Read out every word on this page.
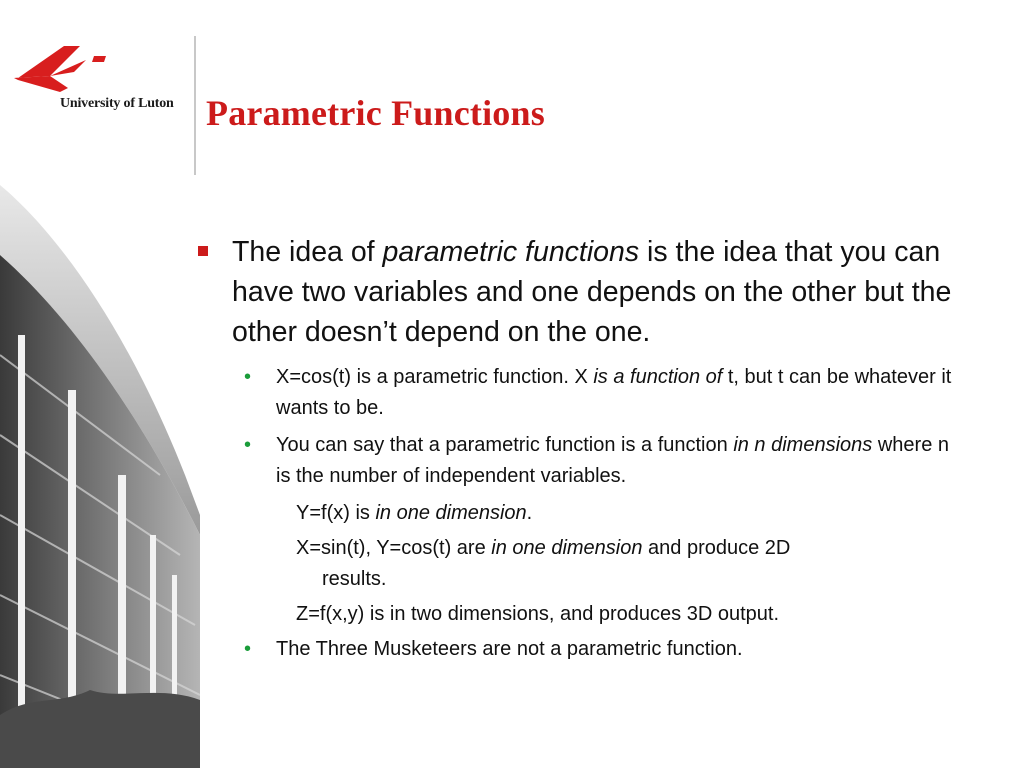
University of Luton Parametric Functions
The idea of parametric functions is the idea that you can have two variables and one depends on the other but the other doesn’t depend on the one.
• X=cos(t) is a parametric function. X is a function of t, but t can be whatever it wants to be.
• You can say that a parametric function is a function in n dimensions where n is the number of independent variables.
Y=f(x) is in one dimension.
X=sin(t), Y=cos(t) are in one dimension and produce 2D
results.
Z=f(x,y) is in two dimensions, and produces 3D output.
• The Three Musketeers are not a parametric function.
